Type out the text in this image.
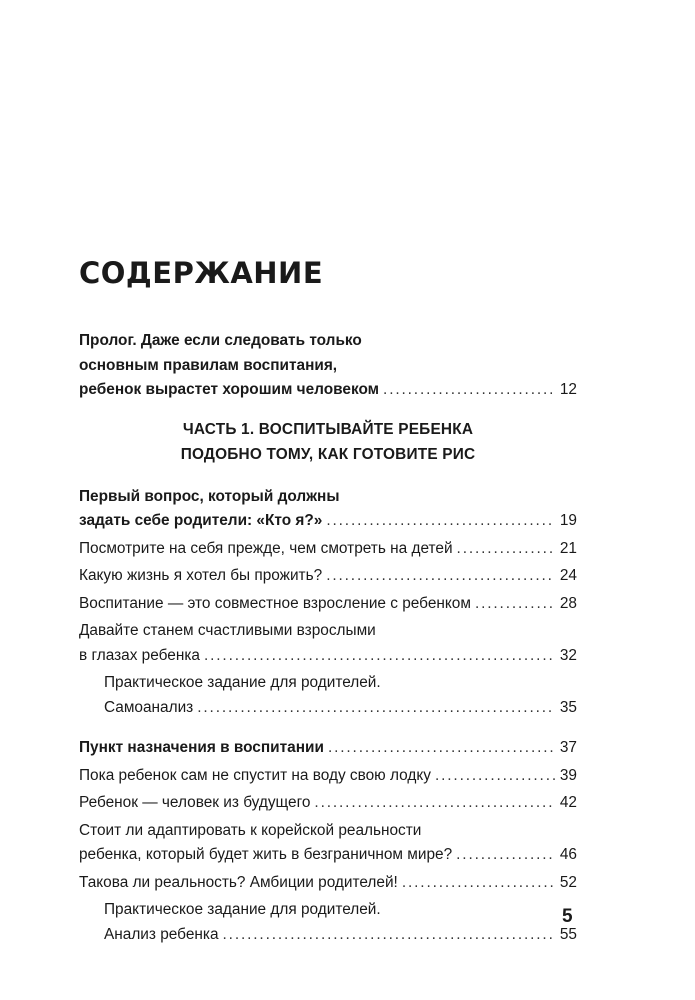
СОДЕРЖАНИЕ
Пролог. Даже если следовать только
основным правилам воспитания,
ребенок вырастет хорошим человеком . . .	12
ЧАСТЬ 1. ВОСПИТЫВАЙТЕ РЕБЕНКА
ПОДОБНО ТОМУ, КАК ГОТОВИТЕ РИС
Первый вопрос, который должны
задать себе родители: «Кто я?» . . .	19
Посмотрите на себя прежде, чем смотреть на детей . . .	21
Какую жизнь я хотел бы прожить? . . .	24
Воспитание — это совместное взросление с ребенком . . .	28
Давайте станем счастливыми взрослыми
в глазах ребенка . . .	32
Практическое задание для родителей.
Самоанализ . . .	35
Пункт назначения в воспитании . . .	37
Пока ребенок сам не спустит на воду свою лодку . . .	39
Ребенок — человек из будущего . . .	42
Стоит ли адаптировать к корейской реальности
ребенка, который будет жить в безграничном мире? . . .	46
Такова ли реальность? Амбиции родителей! . . .	52
Практическое задание для родителей.
Анализ ребенка . . .	55
5
